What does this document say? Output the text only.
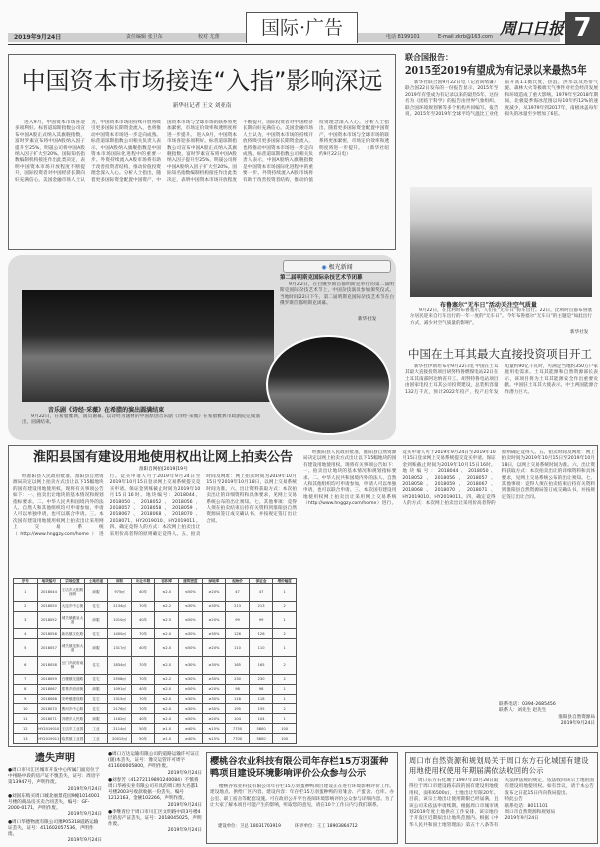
2019年9月24日	责任编辑 张卫东	校对 尤蕾	电话 8199101	E-mail zkrb@163.com
国际·广告	周口日报 7
中国资本市场接连“入指”影响深远
新华社记者 王文 刘亚南
进入9月，中国资本市场喜迎多项利好。标普道琼斯指数公司宣布中国A股正式纳入其旗舰指数，富时罗素宣布将中国A股纳入因子提升至25%，明晟公司将中国A股纳入因子扩大至20%。国际知名指数编制机构接连作出此类决定，表明中国资本市场开放程度不断提升，国际投资者对中国经济长期向好充满信心。美国金融市场人士认为，中国资本市场的持续开放将吸引更多国际长期资金流入，也将推动中国资本市场进一步走向成熟。标普道琼斯指数公司相关负责人表示，中国A股纳入旗舰指数是中国资本市场国际化进程中的重要一步。外资持续流入A股市场将有助于改善投资者结构，推动价值投资理念深入人心。分析人士指出，随着更多国际资金配置中国资产，中国资本市场与全球市场的联系将更加紧密，市场定价效率和透明度将进一步提升。 进入9月，中国资本市场喜迎多项利好。标普道琼斯指数公司宣布中国A股正式纳入其旗舰指数，富时罗素宣布将中国A股纳入因子提升至25%，明晟公司将中国A股纳入因子扩大至20%。国际知名指数编制机构接连作出此类决定，表明中国资本市场开放程度不断提升，国际投资者对中国经济长期向好充满信心。美国金融市场人士认为，中国资本市场的持续开放将吸引更多国际长期资金流入，也将推动中国资本市场进一步走向成熟。标普道琼斯指数公司相关负责人表示，中国A股纳入旗舰指数是中国资本市场国际化进程中的重要一步。外资持续流入A股市场将有助于改善投资者结构，推动价值投资理念深入人心。分析人士指出，随着更多国际资金配置中国资产，中国资本市场与全球市场的联系将更加紧密，市场定价效率和透明度将进一步提升。 （新华社纽约9月22日电）
◉ 极光新闻
第二届明斯克国际杂技艺术节闭幕
9月22日，在白俄罗斯首都明斯克举行的第二届明斯克国际杂技艺术节上，中国杂技演员参加颁奖仪式。当地时间22日下午，第二届明斯克国际杂技艺术节在白俄罗斯首都明斯克闭幕。
新华社发
音乐剧《诗经·采薇》在希腊的演出圆满结束
9月22日，在希腊雅典，演员谢幕。以诗经为题材的中国原创音乐剧《诗经·采薇》在希腊雅典市政剧院完成演出，圆满结束。
联合国报告：
2015至2019有望成为有记录以来最热5年
新华社联合国9月22日电（记者尚绪谦）联合国22日发布的一份报告显示，2015年至2019年有望成为有记录以来的最热5年。这份名为《团结于科学》的报告由世界气象组织、联合国环境规划署等多个机构共同编写。报告说，2015年至2019年全球平均气温比工业化前升高1.1摄氏度，热浪、洪水以及热带气旋、森林大火等极端天气事件对社会经济发展和环境造成了重大影响。1979年至2018年期间，北极夏季海冰范围以每10年约12%的速度减少，从1979年到2017年，南极冰盖每年损失的冰量至少增加了6倍。
布鲁塞尔“无车日”活动关注空气质量
9月22日，在比利时布鲁塞尔，人们在“无车日”骑车出行。22日，比利时首都布鲁塞尔居民迎来自行车出行的一年一度的“无车日”。今年布鲁塞尔“无车日”的主题是“如此出行方式，减少对空气质量的影响”。
新华社发
中国在土耳其最大直接投资项目开工
新华社伊斯坦布尔9月22日电 中国在土耳其最大直接投资项目胡努特鲁燃煤电站22日在土耳其南部阿达纳省开工。胡努特鲁电站项目由国家电投土耳其公司投资建设，总装机容量132万千瓦，预计2022年投产，投产后年发电量约90亿千瓦时，可满足当地约350万户家庭用电需求。土耳其能源和自然资源部长表示，该项目将为土耳其能源安全作出重要贡献。中国驻土耳其大使表示，中土两国能源合作潜力巨大。
淮阳县国有建设用地使用权出让网上拍卖公告
淮阳自网拍[2019]19号
经淮阳县人民政府批准，淮阳县自然资源局决定以网上拍卖方式出让以下15幅地块的国有建设用地使用权。现将有关事项公告如下：一、拍卖出让地块的基本情况和规划指标要求。二、中华人民共和国境内外的法人、自然人和其他组织均可申请参加，申请人可以单独申请，也可以联合申请。三、本次国有建设用地使用权网上拍卖出让采用网上交易系统（http://www.hnggzy.com/home）进行。竞买申请人可于2019年9月24日至2019年10月15日登录网上交易系统提交竞买申请。保证金到账截止时间为2019年10月15日16时。地块编号：2018044、2018050、2018052、2018056、2018057、2018058、2018059、2018067、2018068、2018070、2018071、HY2019010、HY2019011。四、确定竞得人的方式：本次网上拍卖出让采用价高者得的原则确定竞得人。五、拍卖时间及网址：网上拍卖时间为2019年10月15日至2019年10月18日，以网上交易系统时间为准。六、出让资料获取方式：本次拍卖出让的详细资料和具体要求，见网上交易系统公布的出让须知。七、其他事项：竞得人须在拍卖结束后持有关资料到淮阳县自然资源局签订成交确认书，并按规定签订出让合同。
序号	地块编号	宗地位置	土地用途	面积	出让年限	容积率	建筑密度	绿地率	起始价	保证金	增价幅度
1	2018044	王店乡大阳路西侧	商服	975㎡	40年	≤2.0	≤50%	≥20%	47	47	1
2	2018050	大连乡中心街	住宅	2134㎡	70年	≤2.2	≤30%	≥30%	213	213	2
3	2018052	城关镇羲皇大道	商服	1010㎡	40年	≤2.5	≤50%	≥20%	99	99	1
4	2018056	新站镇文化路	住宅	1400㎡	70年	≤2.0	≤30%	≥30%	126	126	2
5	2018057	城关镇龙都大道	商服	1317㎡	40年	≤2.0	≤50%	≥20%	110	110	1
6	2018058	豆门乡政府南侧	住宅	1834㎡	70年	≤2.0	≤30%	≥30%	165	165	2
7	2018059	白楼镇交通路	住宅	2558㎡	70年	≤2.2	≤30%	≥30%	230	230	2
8	2018067	郑集乡府前街	商服	1091㎡	40年	≤2.0	≤50%	≥20%	98	98	1
9	2018068	安岭镇建设路	住宅	1315㎡	70年	≤2.0	≤30%	≥30%	118	118	1
10	2018070	曹河乡中心路	住宅	2176㎡	70年	≤2.0	≤30%	≥30%	195	195	2
11	2018071	冯塘乡人民路	商服	1162㎡	40年	≤2.0	≤50%	≥20%	104	104	1
12	HY2019010	王店乡工业园	工业	2114㎡	50年	≥1.0	≥40%	≤15%	7750	5800	100
13	HY2019011	临蔡镇工业园	工业	20015㎡	50年	≥1.0	≥40%	≤15%	7700	5800	100
经淮阳县人民政府批准，淮阳县自然资源局决定以网上拍卖方式出让以下15幅地块的国有建设用地使用权。现将有关事项公告如下：一、拍卖出让地块的基本情况和规划指标要求。二、中华人民共和国境内外的法人、自然人和其他组织均可申请参加，申请人可以单独申请，也可以联合申请。三、本次国有建设用地使用权网上拍卖出让采用网上交易系统（http://www.hnggzy.com/home）进行。竞买申请人可于2019年9月24日至2019年10月15日登录网上交易系统提交竞买申请。保证金到账截止时间为2019年10月15日16时。地块编号：2018044、2018050、2018052、2018056、2018057、2018058、2018059、2018067、2018068、2018070、2018071、HY2019010、HY2019011。四、确定竞得人的方式：本次网上拍卖出让采用价高者得的原则确定竞得人。五、拍卖时间及网址：网上拍卖时间为2019年10月15日至2019年10月18日，以网上交易系统时间为准。六、出让资料获取方式：本次拍卖出让的详细资料和具体要求，见网上交易系统公布的出让须知。七、其他事项：竞得人须在拍卖结束后持有关资料到淮阳县自然资源局签订成交确认书，并按规定签订出让合同。
联系电话：0394-2685456
联系人：刘先生 赵先生
淮阳县自然资源局
2019年9月24日
遗失声明
●周口市川汇区城市开发中心所属门面房位于中州路中段的房产证不慎丢失，证号：周房字第13947号，声明作废。
2019年9月24日
●刘国东购买周口城北丽景花园9幢1014001号楼的商品房买卖合同丢失，编号：GF-2000-0171，声明作废。
2019年9月24日
●周口华德物流有限公司豫P05318道路运输证丢失，证号：411602057536，声明作废。
2019年9月24日
●周口万达运输有限公司的道路运输许可证正(副)本丢失，证号：豫交运管许可周字411600005800，声明作废。
2019年9月24日
●刘春芳（41272119891240084）不慎将周口华裕实业有限公司开具的周口恒大名都1号楼2003号收款收据一份丢失，编号1212163，金额102266，声明作废。
2019年9月24日
●李继青位于周口市川汇区文明路中段3号楼4层的房产证丢失，证号：2018045025，声明作废。
2019年9月24日
樱桃谷农业科技有限公司年存栏15万羽蛋种鸭项目建设环境影响评价公众参与公示
樱桃谷农业科技有限公司年存栏15万羽蛋种鸭项目建设正在进行环境影响评价工作。建设地点、供给厂区内容、建设内容：年存栏15万羽蛋种鸭的育雏舍、产蛋舍、仓库、办公室、职工宿舍等配套设施。可在政府公开平台查阅环境影响评价公众参与详细内容。为了让大家了解本项目可能产生的影响，听取您的意见，请在10个工作日内与我们联系。
建设单位：卫总 18031703919	环评单位：王工 18903864712
周口市自然资源和规划局关于周口东方石化城国有建设用地使用权使用年期届满依法收回的公示
周口东方石化城于1997年10月28日取得位于周口市建设路东段的国有建设用地使用权，面积6500㎡，土地出让年限20年。目前，该宗土地出让使用期限已经届满，且该公司未依法申请续期。根据周口市城市规划2019年度土地供应工作安排，该宗地位于开发区近期拟出让地块范围内。根据《中华人民共和国土地管理法》第五十八条等有关法律法规的规定，依法收回该宗土地的国有建设用地使用权。如有异议，请于本公告发布之日起15日内向我局提出。
特此公告
联系电话：8011101
周口市自然资源和规划局
2019年9月24日
